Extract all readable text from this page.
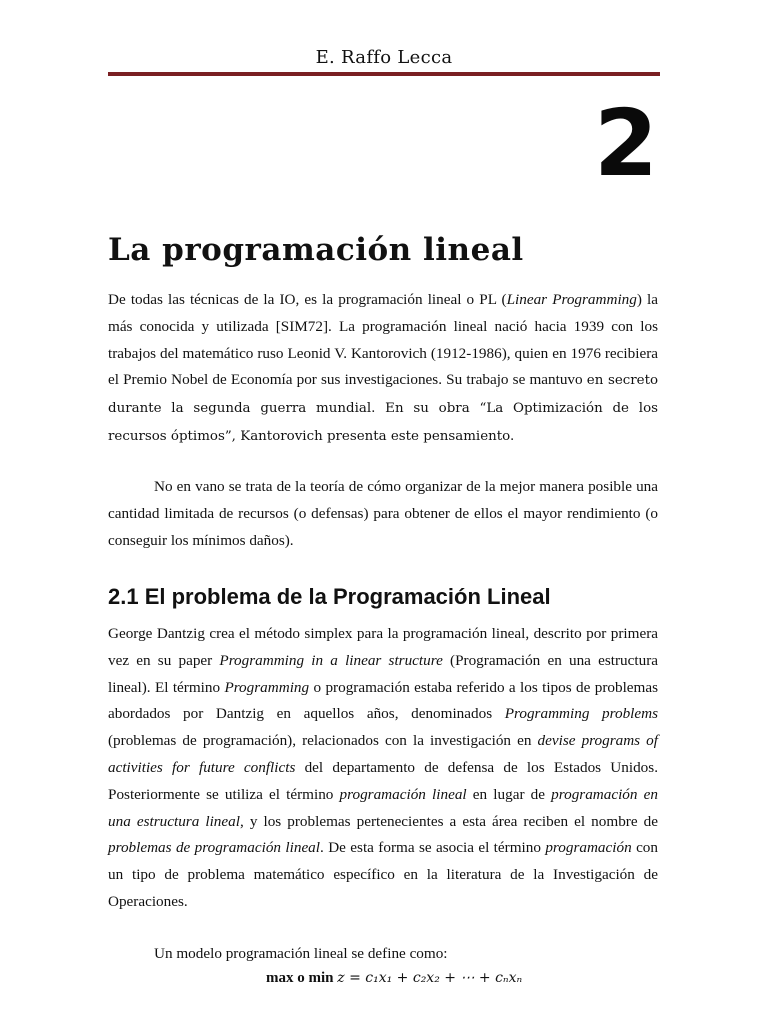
E. Raffo Lecca
2
La programación lineal

De todas las técnicas de la IO, es la programación lineal o PL (Linear Programming) la más conocida y utilizada [SIM72]. La programación lineal nació hacia 1939 con los trabajos del matemático ruso Leonid V. Kantorovich (1912-1986), quien en 1976 recibiera el Premio Nobel de Economía por sus investigaciones. Su trabajo se mantuvo en secreto durante la segunda guerra mundial. En su obra “La Optimización de los recursos óptimos”, Kantorovich presenta este pensamiento.

No en vano se trata de la teoría de cómo organizar de la mejor manera posible una cantidad limitada de recursos (o defensas) para obtener de ellos el mayor rendimiento (o conseguir los mínimos daños).

2.1 El problema de la Programación Lineal

George Dantzig crea el método simplex para la programación lineal, descrito por primera vez en su paper Programming in a linear structure (Programación en una estructura lineal). El término Programming o programación estaba referido a los tipos de problemas abordados por Dantzig en aquellos años, denominados Programming problems (problemas de programación), relacionados con la investigación en devise programs of activities for future conflicts del departamento de defensa de los Estados Unidos. Posteriormente se utiliza el término programación lineal en lugar de programación en una estructura lineal, y los problemas pertenecientes a esta área reciben el nombre de problemas de programación lineal. De esta forma se asocia el término programación con un tipo de problema matemático específico en la literatura de la Investigación de Operaciones.

Un modelo programación lineal se define como:

max o min z = c₁x₁ + c₂x₂ + ⋯ + cₙxₙ
